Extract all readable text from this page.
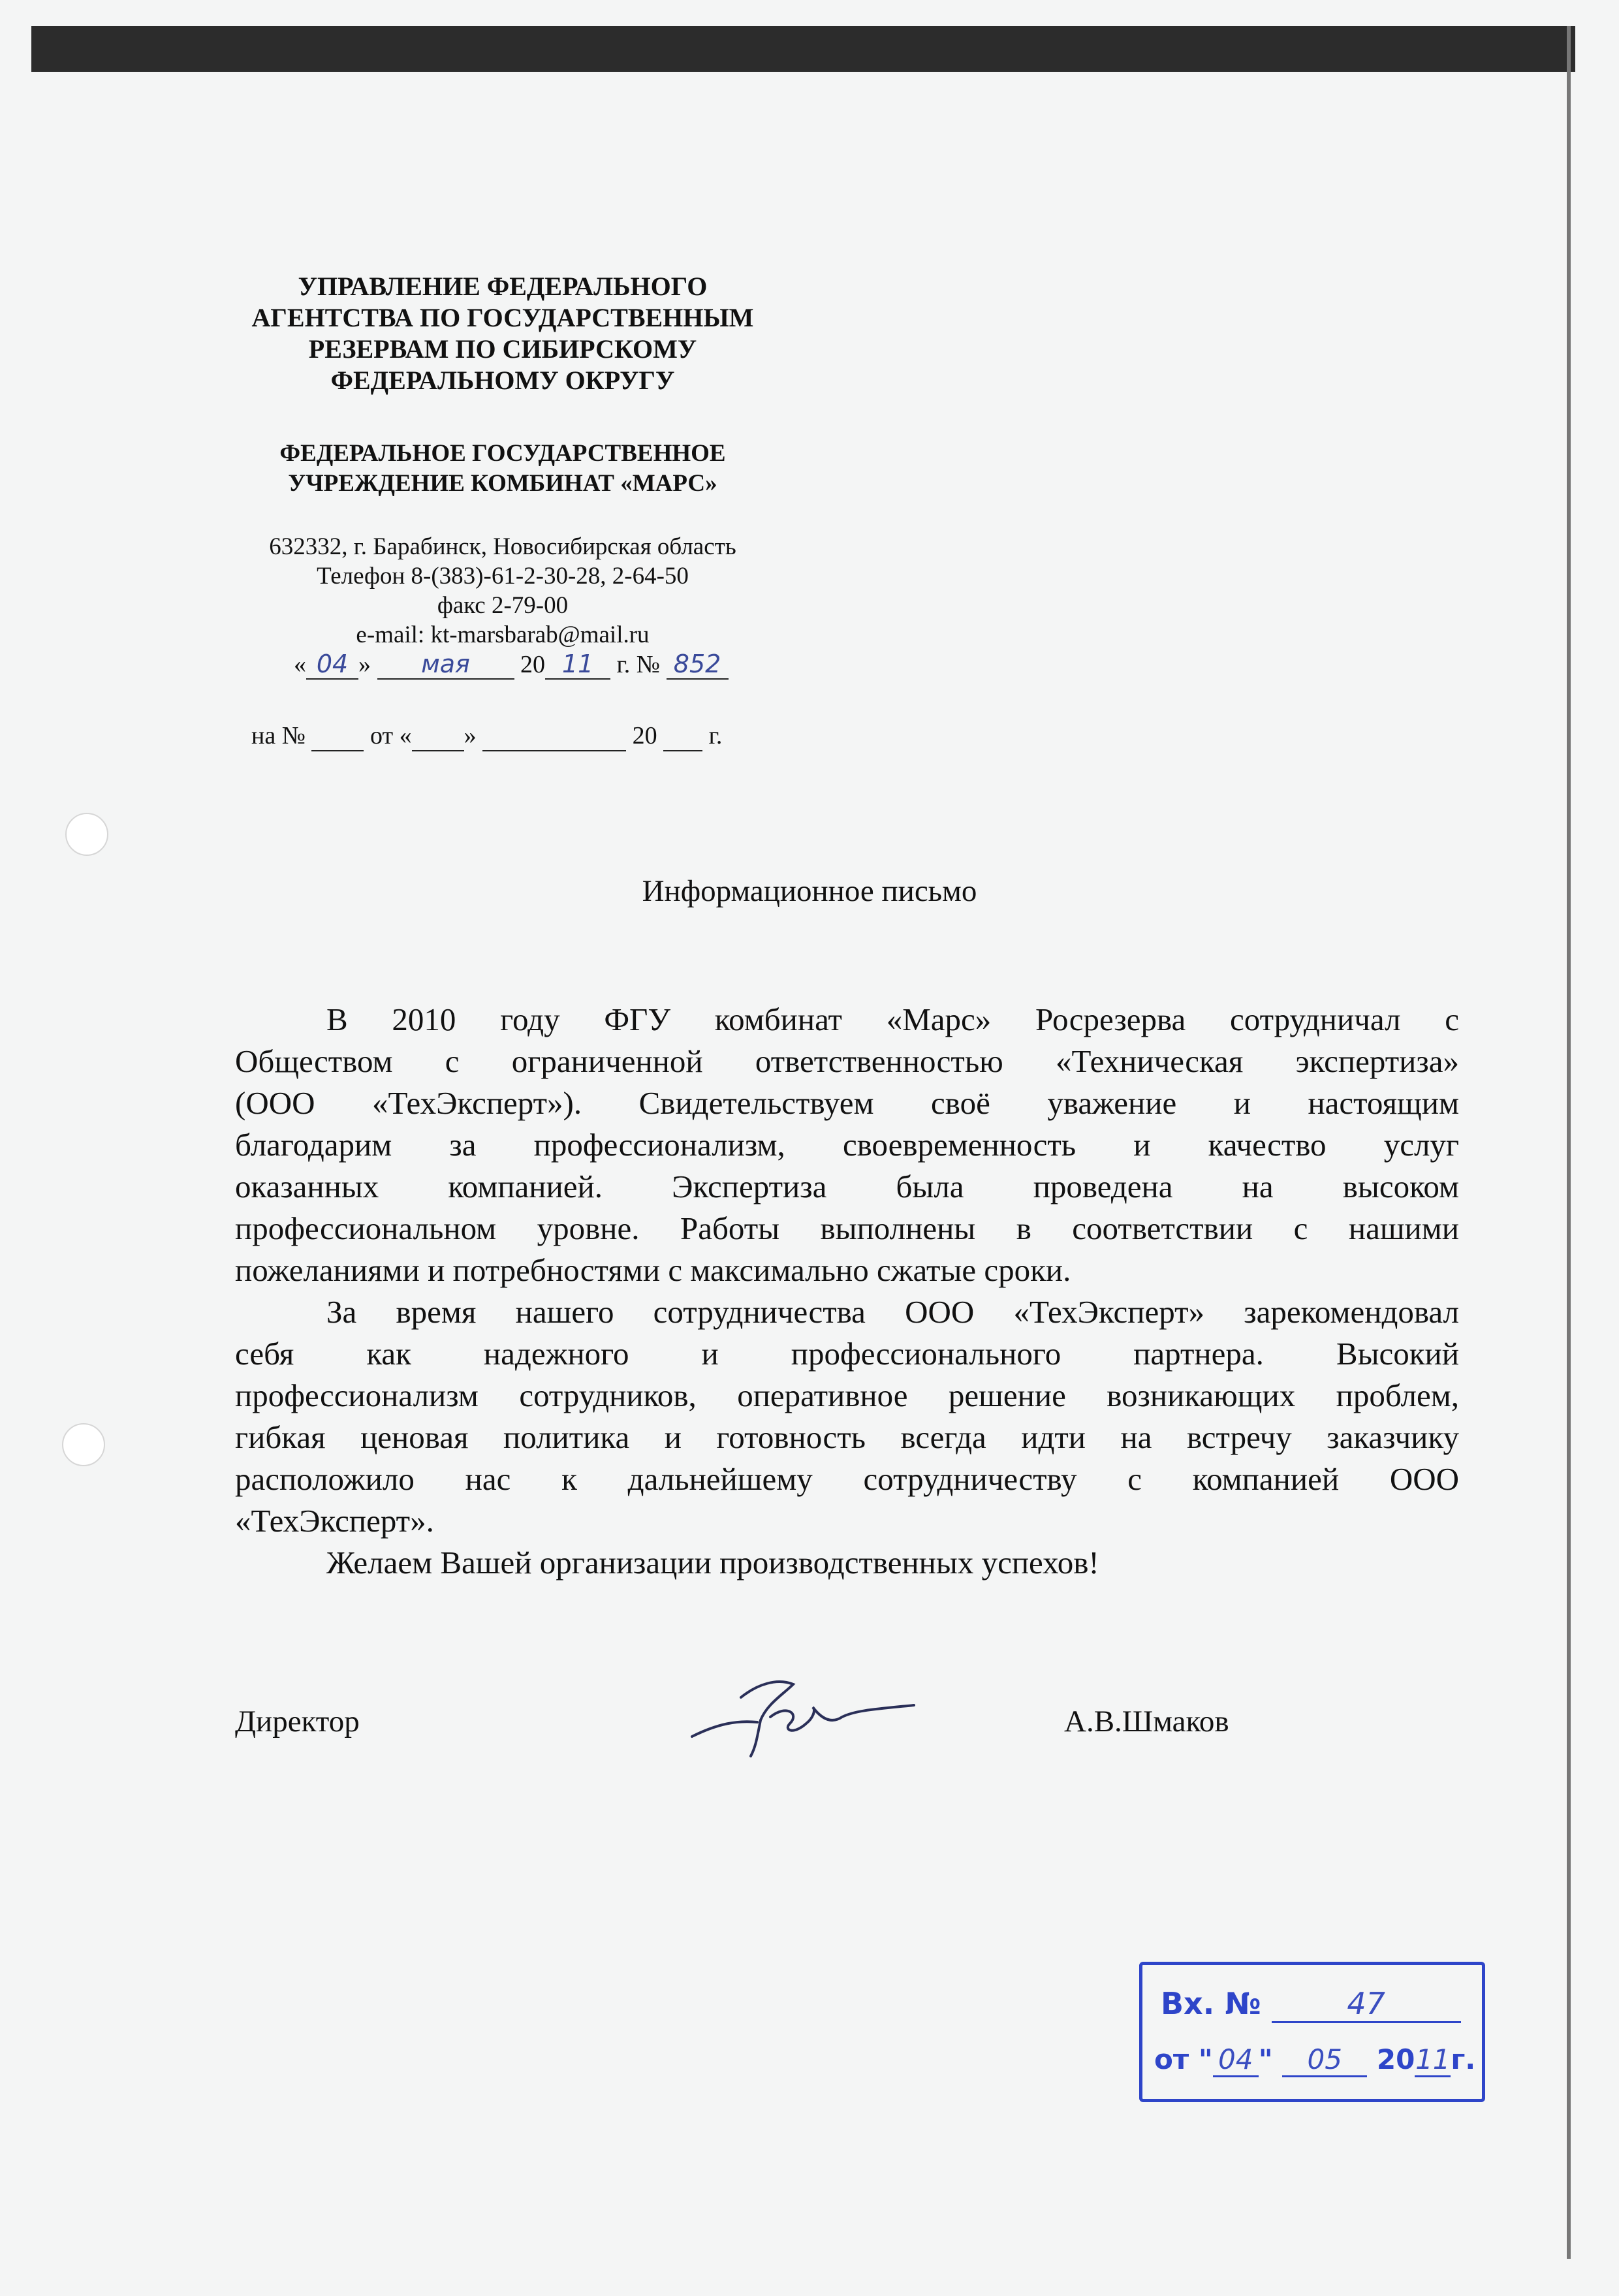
УПРАВЛЕНИЕ ФЕДЕРАЛЬНОГО
АГЕНТСТВА ПО ГОСУДАРСТВЕННЫМ
РЕЗЕРВАМ ПО СИБИРСКОМУ
ФЕДЕРАЛЬНОМУ ОКРУГУ
ФЕДЕРАЛЬНОЕ ГОСУДАРСТВЕННОЕ
УЧРЕЖДЕНИЕ КОМБИНАТ «МАРС»
632332, г. Барабинск, Новосибирская область
Телефон 8-(383)-61-2-30-28, 2-64-50
факс 2-79-00
e-mail: kt-marsbarab@mail.ru
« 04 » мая 20 11 г. № 852
на №	от « »	20 г.
Информационное письмо
В 2010 году ФГУ комбинат «Марс» Росрезерва сотрудничал с
Обществом с ограниченной ответственностью «Техническая экспертиза»
(ООО «ТехЭксперт»). Свидетельствуем своё уважение и настоящим
благодарим за профессионализм, своевременность и качество услуг
оказанных компанией. Экспертиза была проведена на высоком
профессиональном уровне. Работы выполнены в соответствии с нашими
пожеланиями и потребностями с максимально сжатые сроки.
За время нашего сотрудничества ООО «ТехЭксперт» зарекомендовал
себя как надежного и профессионального партнера. Высокий
профессионализм сотрудников, оперативное решение возникающих проблем,
гибкая ценовая политика и готовность всегда идти на встречу заказчику
расположило нас к дальнейшему сотрудничеству с компанией ООО
«ТехЭксперт».
Желаем Вашей организации производственных успехов!
Директор	А.В.Шмаков
Вх. №	47
от " 04 " 05 2011г.
